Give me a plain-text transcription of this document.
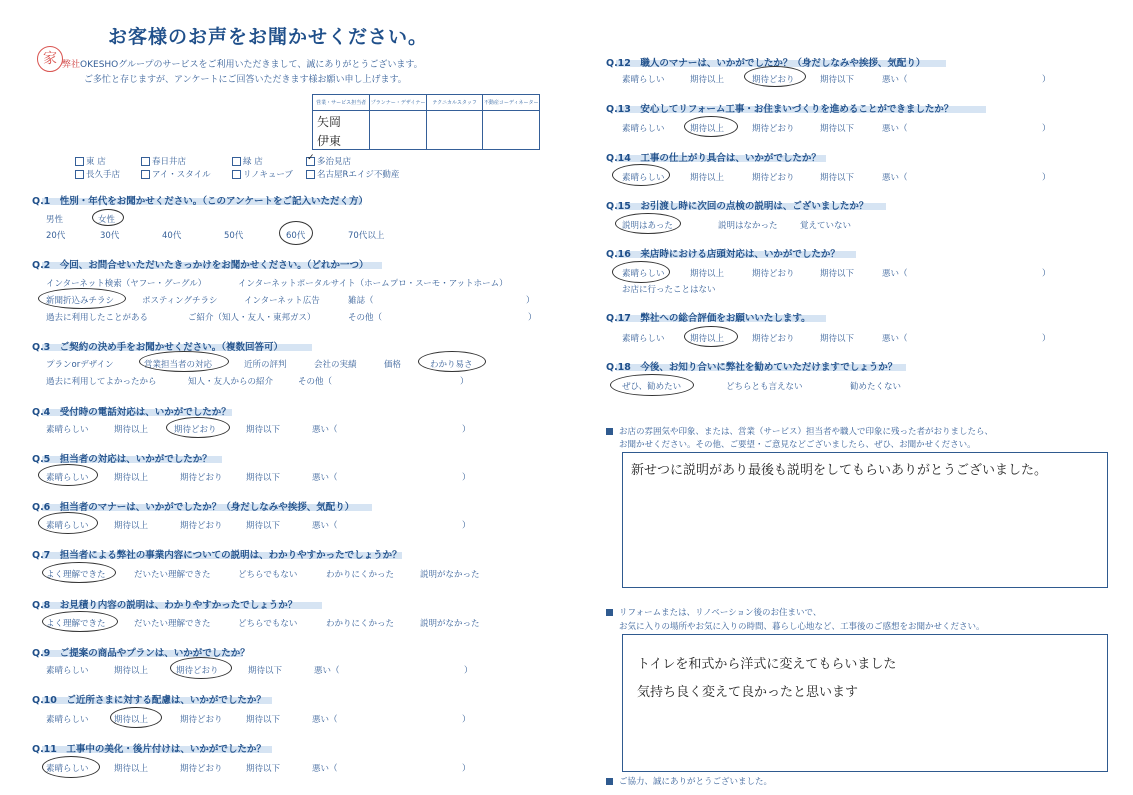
お客様のお声をお聞かせください。
家 弊社OKESHOグループのサービスをご利用いただきまして、誠にありがとうございます。
ご多忙と存じますが、アンケートにご回答いただきます様お願い申し上げます。
営業・サービス担当者	プランナー・デザイナー	テクニカルスタッフ	不動産コーディネーター

矢岡
伊東			

東 店	春日井店	緑 店	✓ 多治見店
長久手店	アイ・スタイル	リノキューブ	名古屋Rエイジ不動産
Q.1　性別・年代をお聞かせください。（このアンケートをご記入いただく方）
男性	女性
20代	30代	40代	50代	60代	70代以上
Q.2　今回、お問合せいただいたきっかけをお聞かせください。（どれか一つ）
インターネット検索（ヤフー・グーグル）	インターネットポータルサイト（ホームプロ・スーモ・アットホーム）
新聞折込みチラシ	ポスティングチラシ	インターネット広告	雑誌（	）
過去に利用したことがある	ご紹介（知人・友人・東邦ガス）	その他（	）
Q.3　ご契約の決め手をお聞かせください。（複数回答可）
プランorデザイン	営業担当者の対応	近所の評判	会社の実績	価格	わかり易さ
過去に利用してよかったから	知人・友人からの紹介	その他（	）
Q.4　受付時の電話対応は、いかがでしたか？
素晴らしい	期待以上	期待どおり	期待以下	悪い（	）
Q.5　担当者の対応は、いかがでしたか？
素晴らしい	期待以上	期待どおり	期待以下	悪い（	）
Q.6　担当者のマナーは、いかがでしたか？（身だしなみや挨拶、気配り）
素晴らしい	期待以上	期待どおり	期待以下	悪い（	）
Q.7　担当者による弊社の事業内容についての説明は、わかりやすかったでしょうか？
よく理解できた	だいたい理解できた	どちらでもない	わかりにくかった	説明がなかった
Q.8　お見積り内容の説明は、わかりやすかったでしょうか？
よく理解できた	だいたい理解できた	どちらでもない	わかりにくかった	説明がなかった
Q.9　ご提案の商品やプランは、いかがでしたか？
素晴らしい	期待以上	期待どおり	期待以下	悪い（	）
Q.10　ご近所さまに対する配慮は、いかがでしたか？
素晴らしい	期待以上	期待どおり	期待以下	悪い（	）
Q.11　工事中の美化・後片付けは、いかがでしたか？
素晴らしい	期待以上	期待どおり	期待以下	悪い（	）
Q.12　職人のマナーは、いかがでしたか？（身だしなみや挨拶、気配り）
素晴らしい	期待以上	期待どおり	期待以下	悪い（	）
Q.13　安心してリフォーム工事・お住まいづくりを進めることができましたか？
素晴らしい	期待以上	期待どおり	期待以下	悪い（	）
Q.14　工事の仕上がり具合は、いかがでしたか？
素晴らしい	期待以上	期待どおり	期待以下	悪い（	）
Q.15　お引渡し時に次回の点検の説明は、ございましたか？
説明はあった	説明はなかった	覚えていない
Q.16　来店時における店頭対応は、いかがでしたか？
素晴らしい	期待以上	期待どおり	期待以下	悪い（	）
お店に行ったことはない
Q.17　弊社への総合評価をお願いいたします。
素晴らしい	期待以上	期待どおり	期待以下	悪い（	）
Q.18　今後、お知り合いに弊社を勧めていただけますでしょうか？
ぜひ、勧めたい	どちらとも言えない	勧めたくない
お店の雰囲気や印象、または、営業（サービス）担当者や職人で印象に残った者がおりましたら、
お聞かせください。その他、ご要望・ご意見などございましたら、ぜひ、お聞かせください。
新せつに説明があり最後も説明をしてもらいありがとうございました。
リフォームまたは、リノベーション後のお住まいで、
お気に入りの場所やお気に入りの時間、暮らし心地など、工事後のご感想をお聞かせください。
トイレを和式から洋式に変えてもらいました
気持ち良く変えて良かったと思います
ご協力、誠にありがとうございました。
